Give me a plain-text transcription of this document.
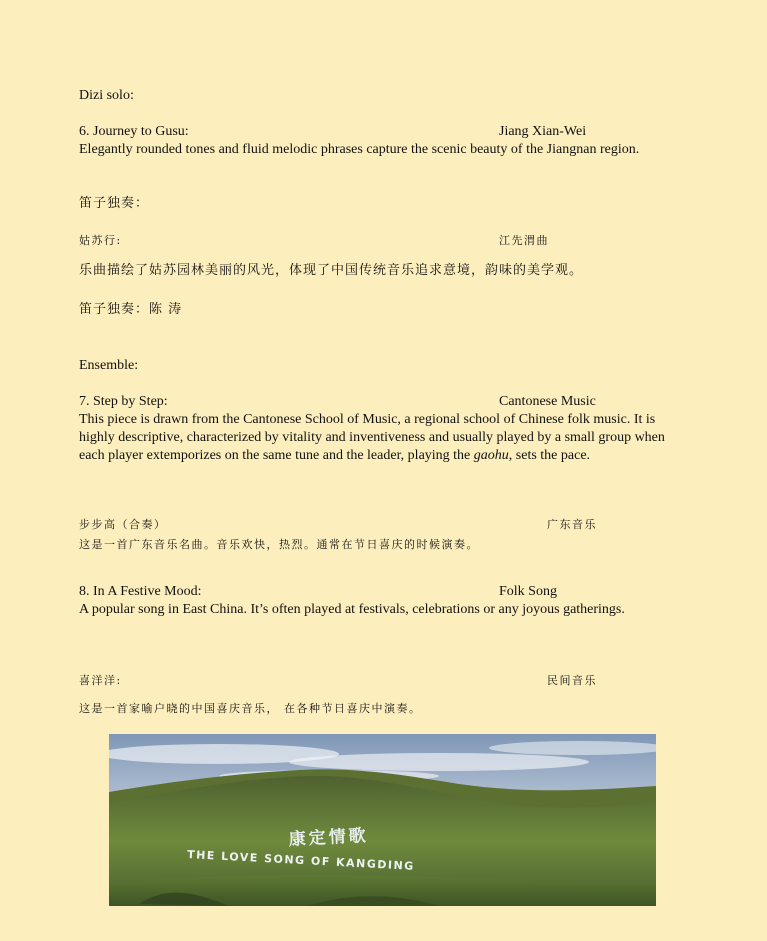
Dizi solo:
6. Journey to Gusu:	Jiang Xian-Wei
Elegantly rounded tones and fluid melodic phrases capture the scenic beauty of the Jiangnan region.
笛子独奏：
姑苏行:	江先渭曲
乐曲描绘了姑苏园林美丽的风光，体现了中国传统音乐追求意境，韵味的美学观。
笛子独奏：陈 涛
Ensemble:
7. Step by Step:	Cantonese Music
This piece is drawn from the Cantonese School of Music, a regional school of Chinese folk music. It is highly descriptive, characterized by vitality and inventiveness and usually played by a small group when each player extemporizes on the same tune and the leader, playing the gaohu, sets the pace.
步步高（合奏）	广东音乐
这是一首广东音乐名曲。音乐欢快，热烈。通常在节日喜庆的时候演奏。
8. In A Festive Mood:	Folk Song
A popular song in East China. It’s often played at festivals, celebrations or any joyous gatherings.
喜洋洋:	民间音乐
这是一首家喻户晓的中国喜庆音乐， 在各种节日喜庆中演奏。
康定情歌
THE LOVE SONG OF KANGDING
